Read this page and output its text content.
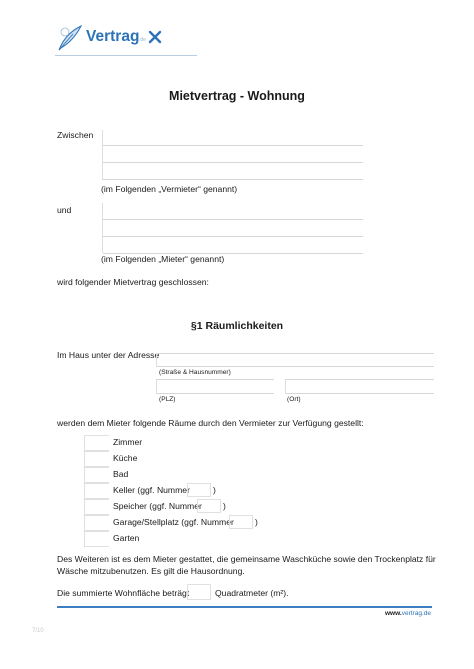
Vertrag .de
Mietvertrag - Wohnung
Zwischen
(im Folgenden „Vermieter“ genannt)
und
(im Folgenden „Mieter“ genannt)
wird folgender Mietvertrag geschlossen:
§1 Räumlichkeiten
Im Haus unter der Adresse
(Straße & Hausnummer)
(PLZ)	(Ort)
werden dem Mieter folgende Räume durch den Vermieter zur Verfügung gestellt:
Zimmer
Küche
Bad
Keller (ggf. Nummer	)
Speicher (ggf. Nummer )
Garage/Stellplatz (ggf. Nummer )
Garten
Des Weiteren ist es dem Mieter gestattet, die gemeinsame Waschküche sowie den Trockenplatz für
Wäsche mitzubenutzen. Es gilt die Hausordnung.
Die summierte Wohnfläche beträgt	Quadratmeter (m²).
www.vertrag.de
7/10
